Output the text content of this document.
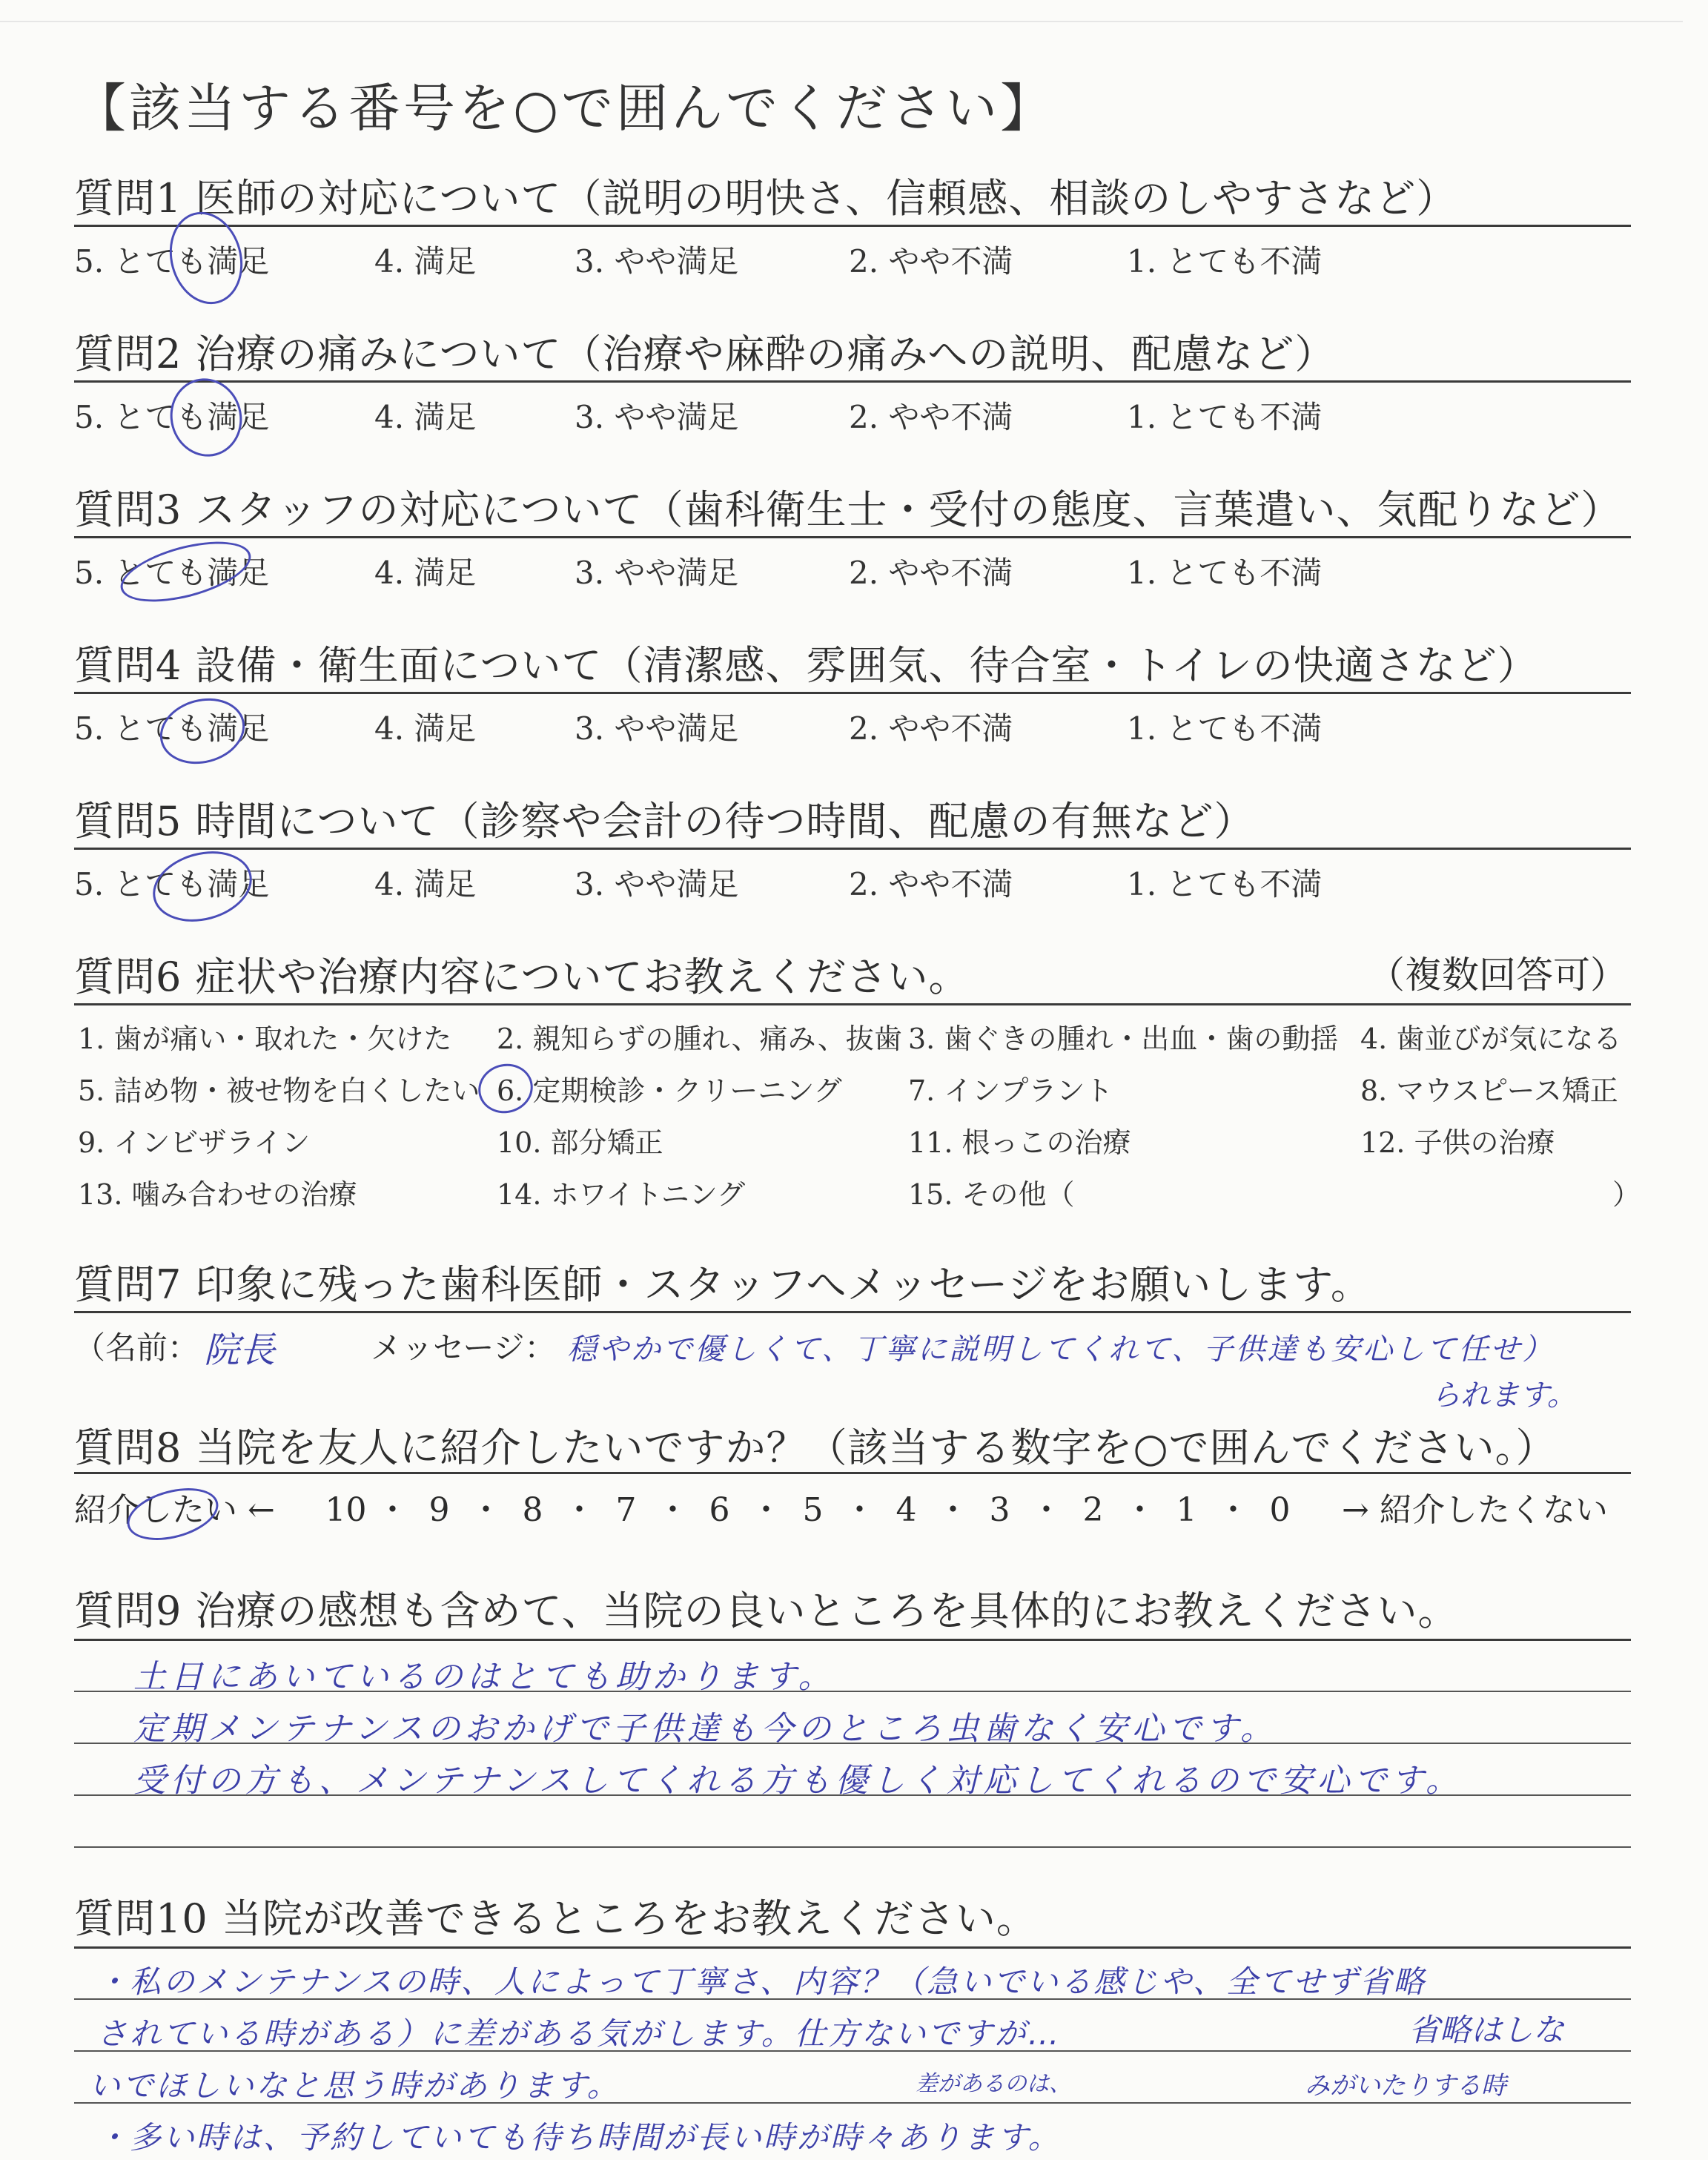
【該当する番号を○で囲んでください】
質問1 医師の対応について（説明の明快さ、信頼感、相談のしやすさなど）
5. とても満足	4. 満足	3. やや満足	2. やや不満	1. とても不満
質問2 治療の痛みについて（治療や麻酔の痛みへの説明、配慮など）
5. とても満足	4. 満足	3. やや満足	2. やや不満	1. とても不満
質問3 スタッフの対応について（歯科衛生士・受付の態度、言葉遣い、気配りなど）
5. とても満足	4. 満足	3. やや満足	2. やや不満	1. とても不満
質問4 設備・衛生面について（清潔感、雰囲気、待合室・トイレの快適さなど）
5. とても満足	4. 満足	3. やや満足	2. やや不満	1. とても不満
質問5 時間について（診察や会計の待つ時間、配慮の有無など）
5. とても満足	4. 満足	3. やや満足	2. やや不満	1. とても不満
質問6 症状や治療内容についてお教えください。	（複数回答可）
1. 歯が痛い・取れた・欠けた 2. 親知らずの腫れ、痛み、抜歯 3. 歯ぐきの腫れ・出血・歯の動揺 4. 歯並びが気になる
5. 詰め物・被せ物を白くしたい 6. 定期検診・クリーニング 7. インプラント	8. マウスピース矯正
9. インビザライン	10. 部分矯正	11. 根っこの治療	12. 子供の治療
13. 噛み合わせの治療	14. ホワイトニング	15. その他（	）
質問7 印象に残った歯科医師・スタッフへメッセージをお願いします。
（名前： 院長	メッセージ： 穏やかで優しくて、丁寧に説明してくれて、子供達も安心して任せ）
られます。
質問8 当院を友人に紹介したいですか？（該当する数字を○で囲んでください。）
紹介したい ← 10 ・ 9 ・ 8 ・ 7 ・ 6 ・ 5 ・ 4 ・ 3 ・ 2 ・ 1 ・ 0	→ 紹介したくない
質問9 治療の感想も含めて、当院の良いところを具体的にお教えください。
土日にあいているのはとても助かります。
定期メンテナンスのおかげで子供達も今のところ虫歯なく安心です。
受付の方も、メンテナンスしてくれる方も優しく対応してくれるので安心です。
質問10 当院が改善できるところをお教えください。
・私のメンテナンスの時、人によって丁寧さ、内容？（急いでいる感じや、全てせず省略
されている時がある）に差がある気がします。仕方ないですが…	省略はしな
いでほしいなと思う時があります。	差があるのは、	みがいたりする時
・多い時は、予約していても待ち時間が長い時が時々あります。
